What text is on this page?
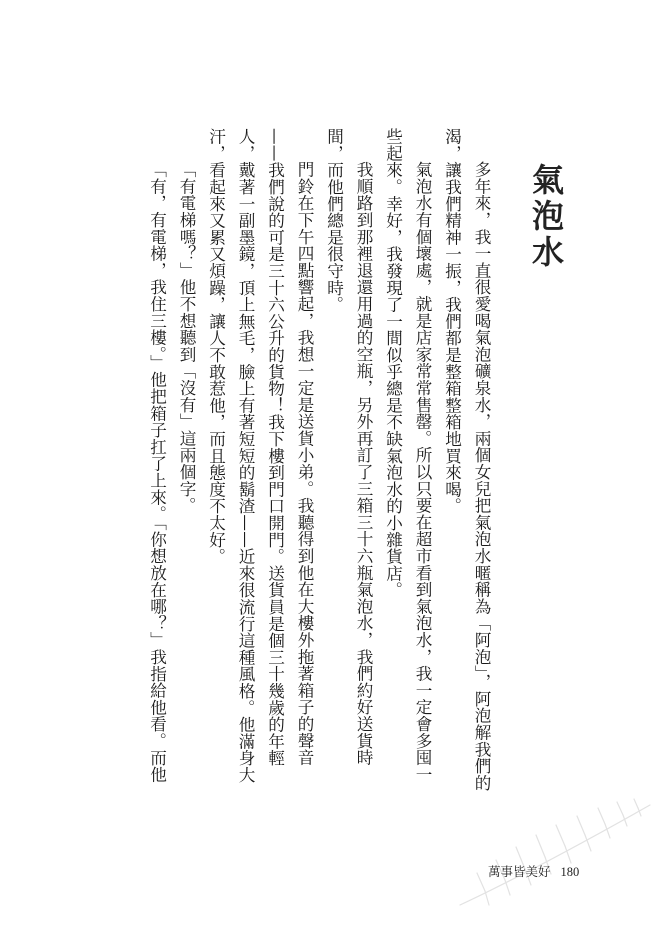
氣泡水

多年來，我一直很愛喝氣泡礦泉水，兩個女兒把氣泡水暱稱為「阿泡」，阿泡解我們的渴，讓我們精神一振，我們都是整箱整箱地買來喝。

氣泡水有個壞處，就是店家常常售罄。所以只要在超市看到氣泡水，我一定會多囤一些起來。幸好，我發現了一間似乎總是不缺氣泡水的小雜貨店。

我順路到那裡退還用過的空瓶，另外再訂了三箱三十六瓶氣泡水，我們約好送貨時間，而他們總是很守時。

門鈴在下午四點響起，我想一定是送貨小弟。我聽得到他在大樓外拖著箱子的聲音——我們說的可是三十六公升的貨物！我下樓到門口開門。送貨員是個三十幾歲的年輕人，戴著一副墨鏡，頂上無毛，臉上有著短短的鬍渣——近來很流行這種風格。他滿身大汗，看起來又累又煩躁，讓人不敢惹他，而且態度不太好。

「有電梯嗎？」他不想聽到「沒有」這兩個字。

「有，有電梯，我住三樓。」他把箱子扛了上來。「你想放在哪？」我指給他看。而他

萬事皆美好 180
